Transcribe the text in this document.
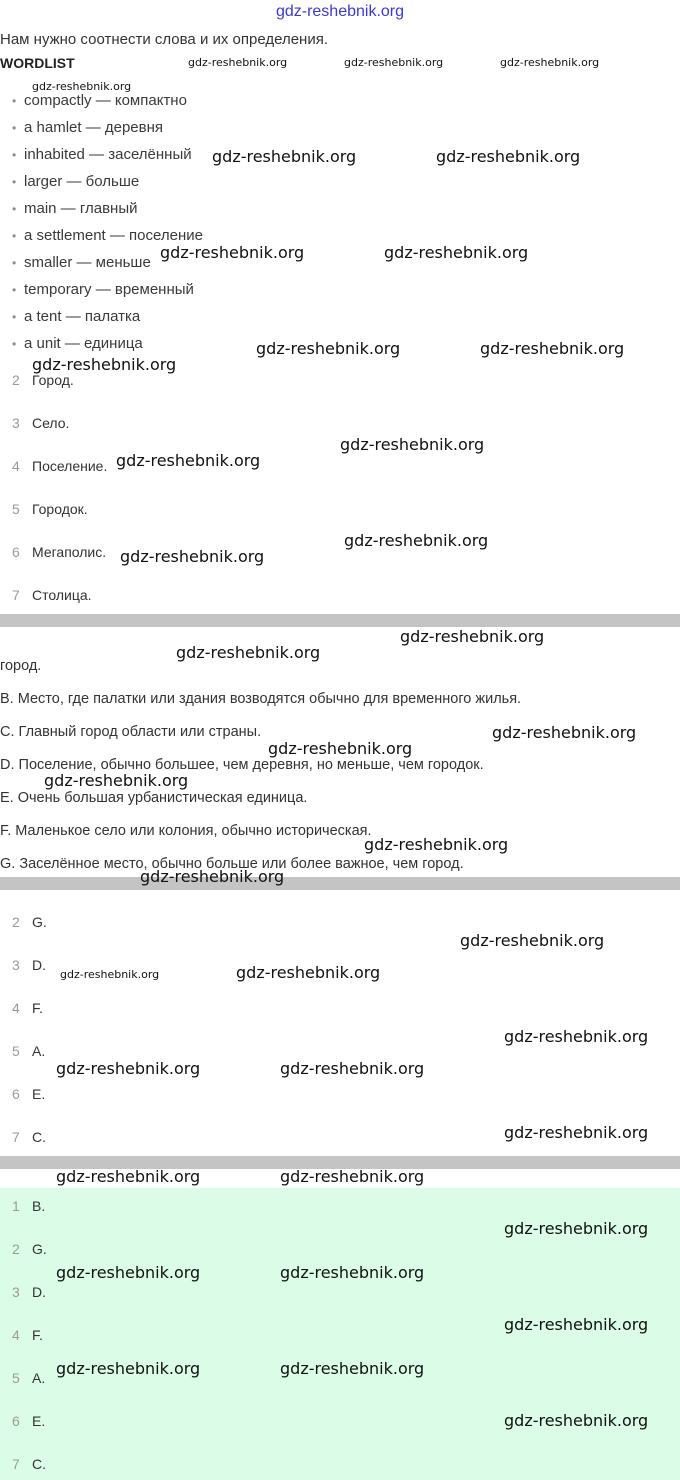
gdz-reshebnik.org
Нам нужно соотнести слова и их определения.
WORDLIST
• compactly — компактно
• a hamlet — деревня
• inhabited — заселённый
• larger — больше
• main — главный
• a settlement — поселение
• smaller — меньше
• temporary — временный
• a tent — палатка
• a unit — единица
2 Город.
3 Село.
4 Поселение.
5 Городок.
6 Мегаполис.
7 Столица.
город.
B. Место, где палатки или здания возводятся обычно для временного жилья.
C. Главный город области или страны.
D. Поселение, обычно большее, чем деревня, но меньше, чем городок.
E. Очень большая урбанистическая единица.
F. Маленькое село или колония, обычно историческая.
G. Заселённое место, обычно больше или более важное, чем город.
2 G.
3 D.
4 F.
5 A.
6 E.
7 C.
1 B.
2 G.
3 D.
4 F.
5 A.
6 E.
7 C.
gdz-reshebnik.org	gdz-reshebnik.org	gdz-reshebnik.org
gdz-reshebnik.org
gdz-reshebnik.org	gdz-reshebnik.org
gdz-reshebnik.org	gdz-reshebnik.org
gdz-reshebnik.org	gdz-reshebnik.org
gdz-reshebnik.org
gdz-reshebnik.org
gdz-reshebnik.org
gdz-reshebnik.org
gdz-reshebnik.org
gdz-reshebnik.org
gdz-reshebnik.org
gdz-reshebnik.org
gdz-reshebnik.org
gdz-reshebnik.org
gdz-reshebnik.org
gdz-reshebnik.org
gdz-reshebnik.org
gdz-reshebnik.org	gdz-reshebnik.org
gdz-reshebnik.org
gdz-reshebnik.org	gdz-reshebnik.org
gdz-reshebnik.org
gdz-reshebnik.org	gdz-reshebnik.org
gdz-reshebnik.org
gdz-reshebnik.org	gdz-reshebnik.org
gdz-reshebnik.org
gdz-reshebnik.org	gdz-reshebnik.org
gdz-reshebnik.org
